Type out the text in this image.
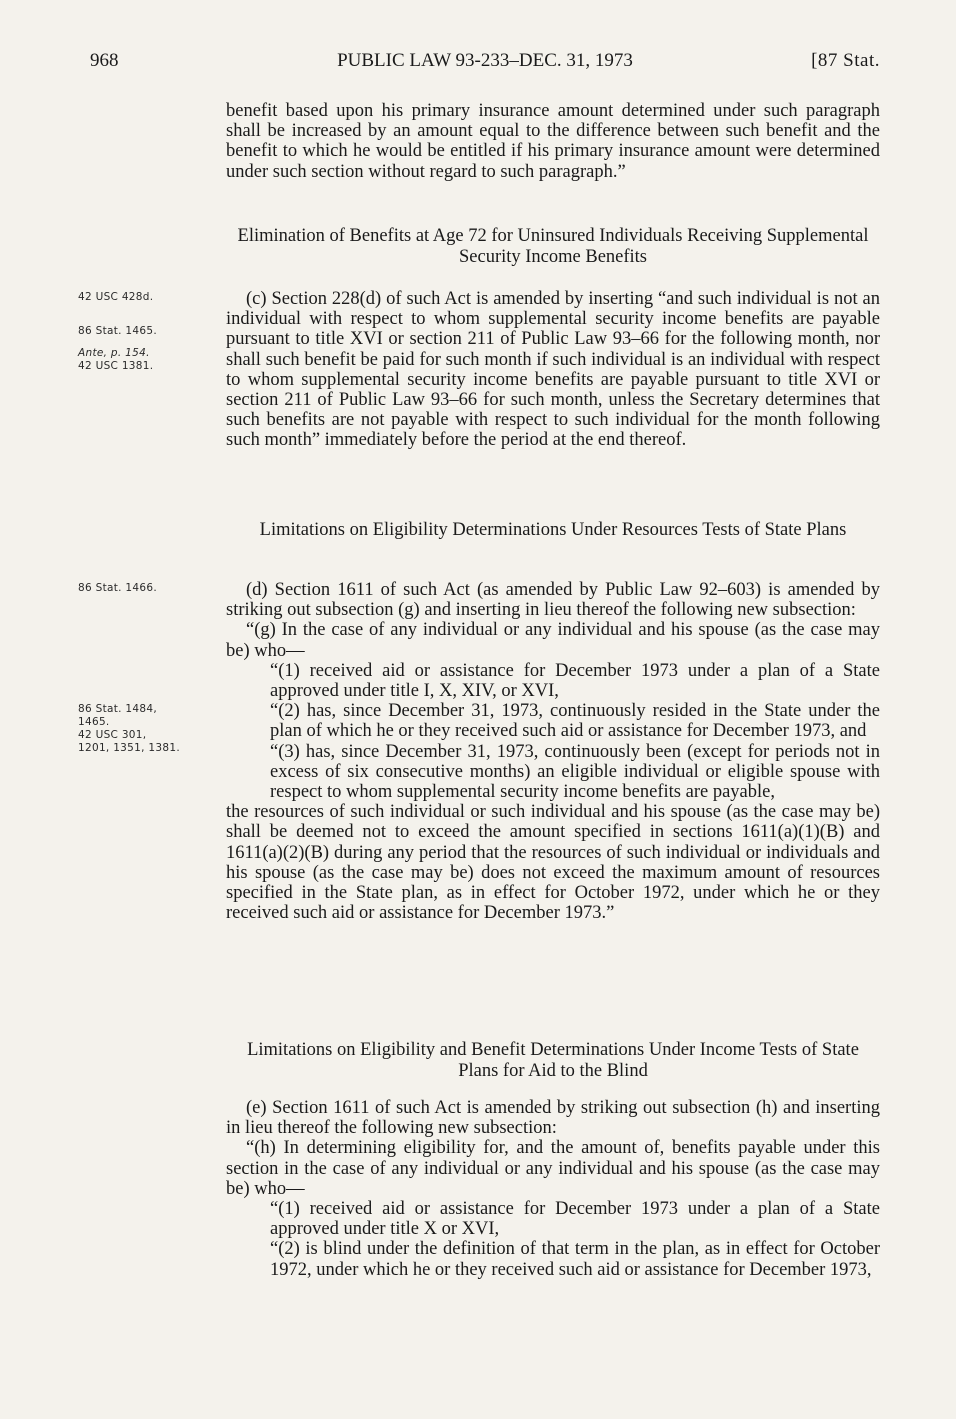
968	PUBLIC LAW 93-233–DEC. 31, 1973	[87 Stat.

benefit based upon his primary insurance amount determined under such paragraph shall be increased by an amount equal to the difference between such benefit and the benefit to which he would be entitled if his primary insurance amount were determined under such section without regard to such paragraph.”

Elimination of Benefits at Age 72 for Uninsured Individuals Receiving Supplemental Security Income Benefits
42 USC 428d.
86 Stat. 1465.
Ante, p. 154.
42 USC 1381.

(c) Section 228(d) of such Act is amended by inserting “and such individual is not an individual with respect to whom supplemental security income benefits are payable pursuant to title XVI or section 211 of Public Law 93–66 for the following month, nor shall such benefit be paid for such month if such individual is an individual with respect to whom supplemental security income benefits are payable pursuant to title XVI or section 211 of Public Law 93–66 for such month, unless the Secretary determines that such benefits are not payable with respect to such individual for the month following such month” immediately before the period at the end thereof.

Limitations on Eligibility Determinations Under Resources Tests of State Plans
86 Stat. 1466.
86 Stat. 1484,
1465.
42 USC 301,
1201, 1351, 1381.

(d) Section 1611 of such Act (as amended by Public Law 92–603) is amended by striking out subsection (g) and inserting in lieu thereof the following new subsection:

“(g) In the case of any individual or any individual and his spouse (as the case may be) who—

“(1) received aid or assistance for December 1973 under a plan of a State approved under title I, X, XIV, or XVI,

“(2) has, since December 31, 1973, continuously resided in the State under the plan of which he or they received such aid or assistance for December 1973, and

“(3) has, since December 31, 1973, continuously been (except for periods not in excess of six consecutive months) an eligible individual or eligible spouse with respect to whom supplemental security income benefits are payable,

the resources of such individual or such individual and his spouse (as the case may be) shall be deemed not to exceed the amount specified in sections 1611(a)(1)(B) and 1611(a)(2)(B) during any period that the resources of such individual or individuals and his spouse (as the case may be) does not exceed the maximum amount of resources specified in the State plan, as in effect for October 1972, under which he or they received such aid or assistance for December 1973.”

Limitations on Eligibility and Benefit Determinations Under Income Tests of State Plans for Aid to the Blind

(e) Section 1611 of such Act is amended by striking out subsection (h) and inserting in lieu thereof the following new subsection:

“(h) In determining eligibility for, and the amount of, benefits payable under this section in the case of any individual or any individual and his spouse (as the case may be) who—

“(1) received aid or assistance for December 1973 under a plan of a State approved under title X or XVI,

“(2) is blind under the definition of that term in the plan, as in effect for October 1972, under which he or they received such aid or assistance for December 1973,
